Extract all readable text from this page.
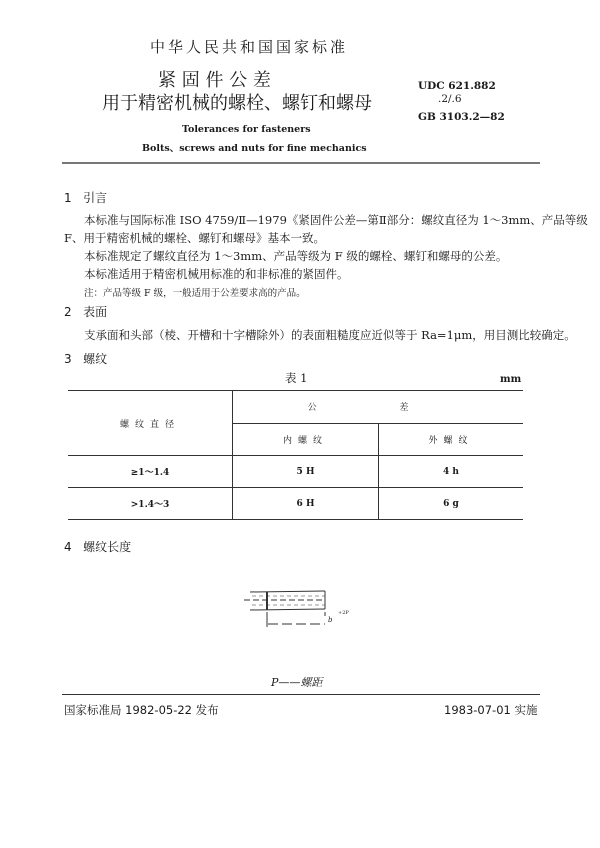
中华人民共和国国家标准
紧 固 件 公 差
用于精密机械的螺栓、螺钉和螺母
UDC 621.882
.2/.6
GB 3103.2—82
Tolerances for fasteners
Bolts、screws and nuts for fine mechanics
1 引言
本标准与国际标准 ISO 4759/Ⅱ—1979《紧固件公差—第Ⅱ部分：螺纹直径为 1～3mm、产品等级
F、用于精密机械的螺栓、螺钉和螺母》基本一致。
本标准规定了螺纹直径为 1～3mm、产品等级为 F 级的螺栓、螺钉和螺母的公差。
本标准适用于精密机械用标准的和非标准的紧固件。
注：产品等级 F 级，一般适用于公差要求高的产品。
2 表面
支承面和头部（棱、开槽和十字槽除外）的表面粗糙度应近似等于 Ra=1μm，用目测比较确定。
3 螺纹
表 1	mm
螺纹直径	公 差	
	内螺纹	外螺纹
≥1～1.4	5 H	4 h
>1.4～3	6 H	6 g
4 螺纹长度
b
+2P
P——螺距
国家标准局 1982-05-22 发布	1983-07-01 实施
